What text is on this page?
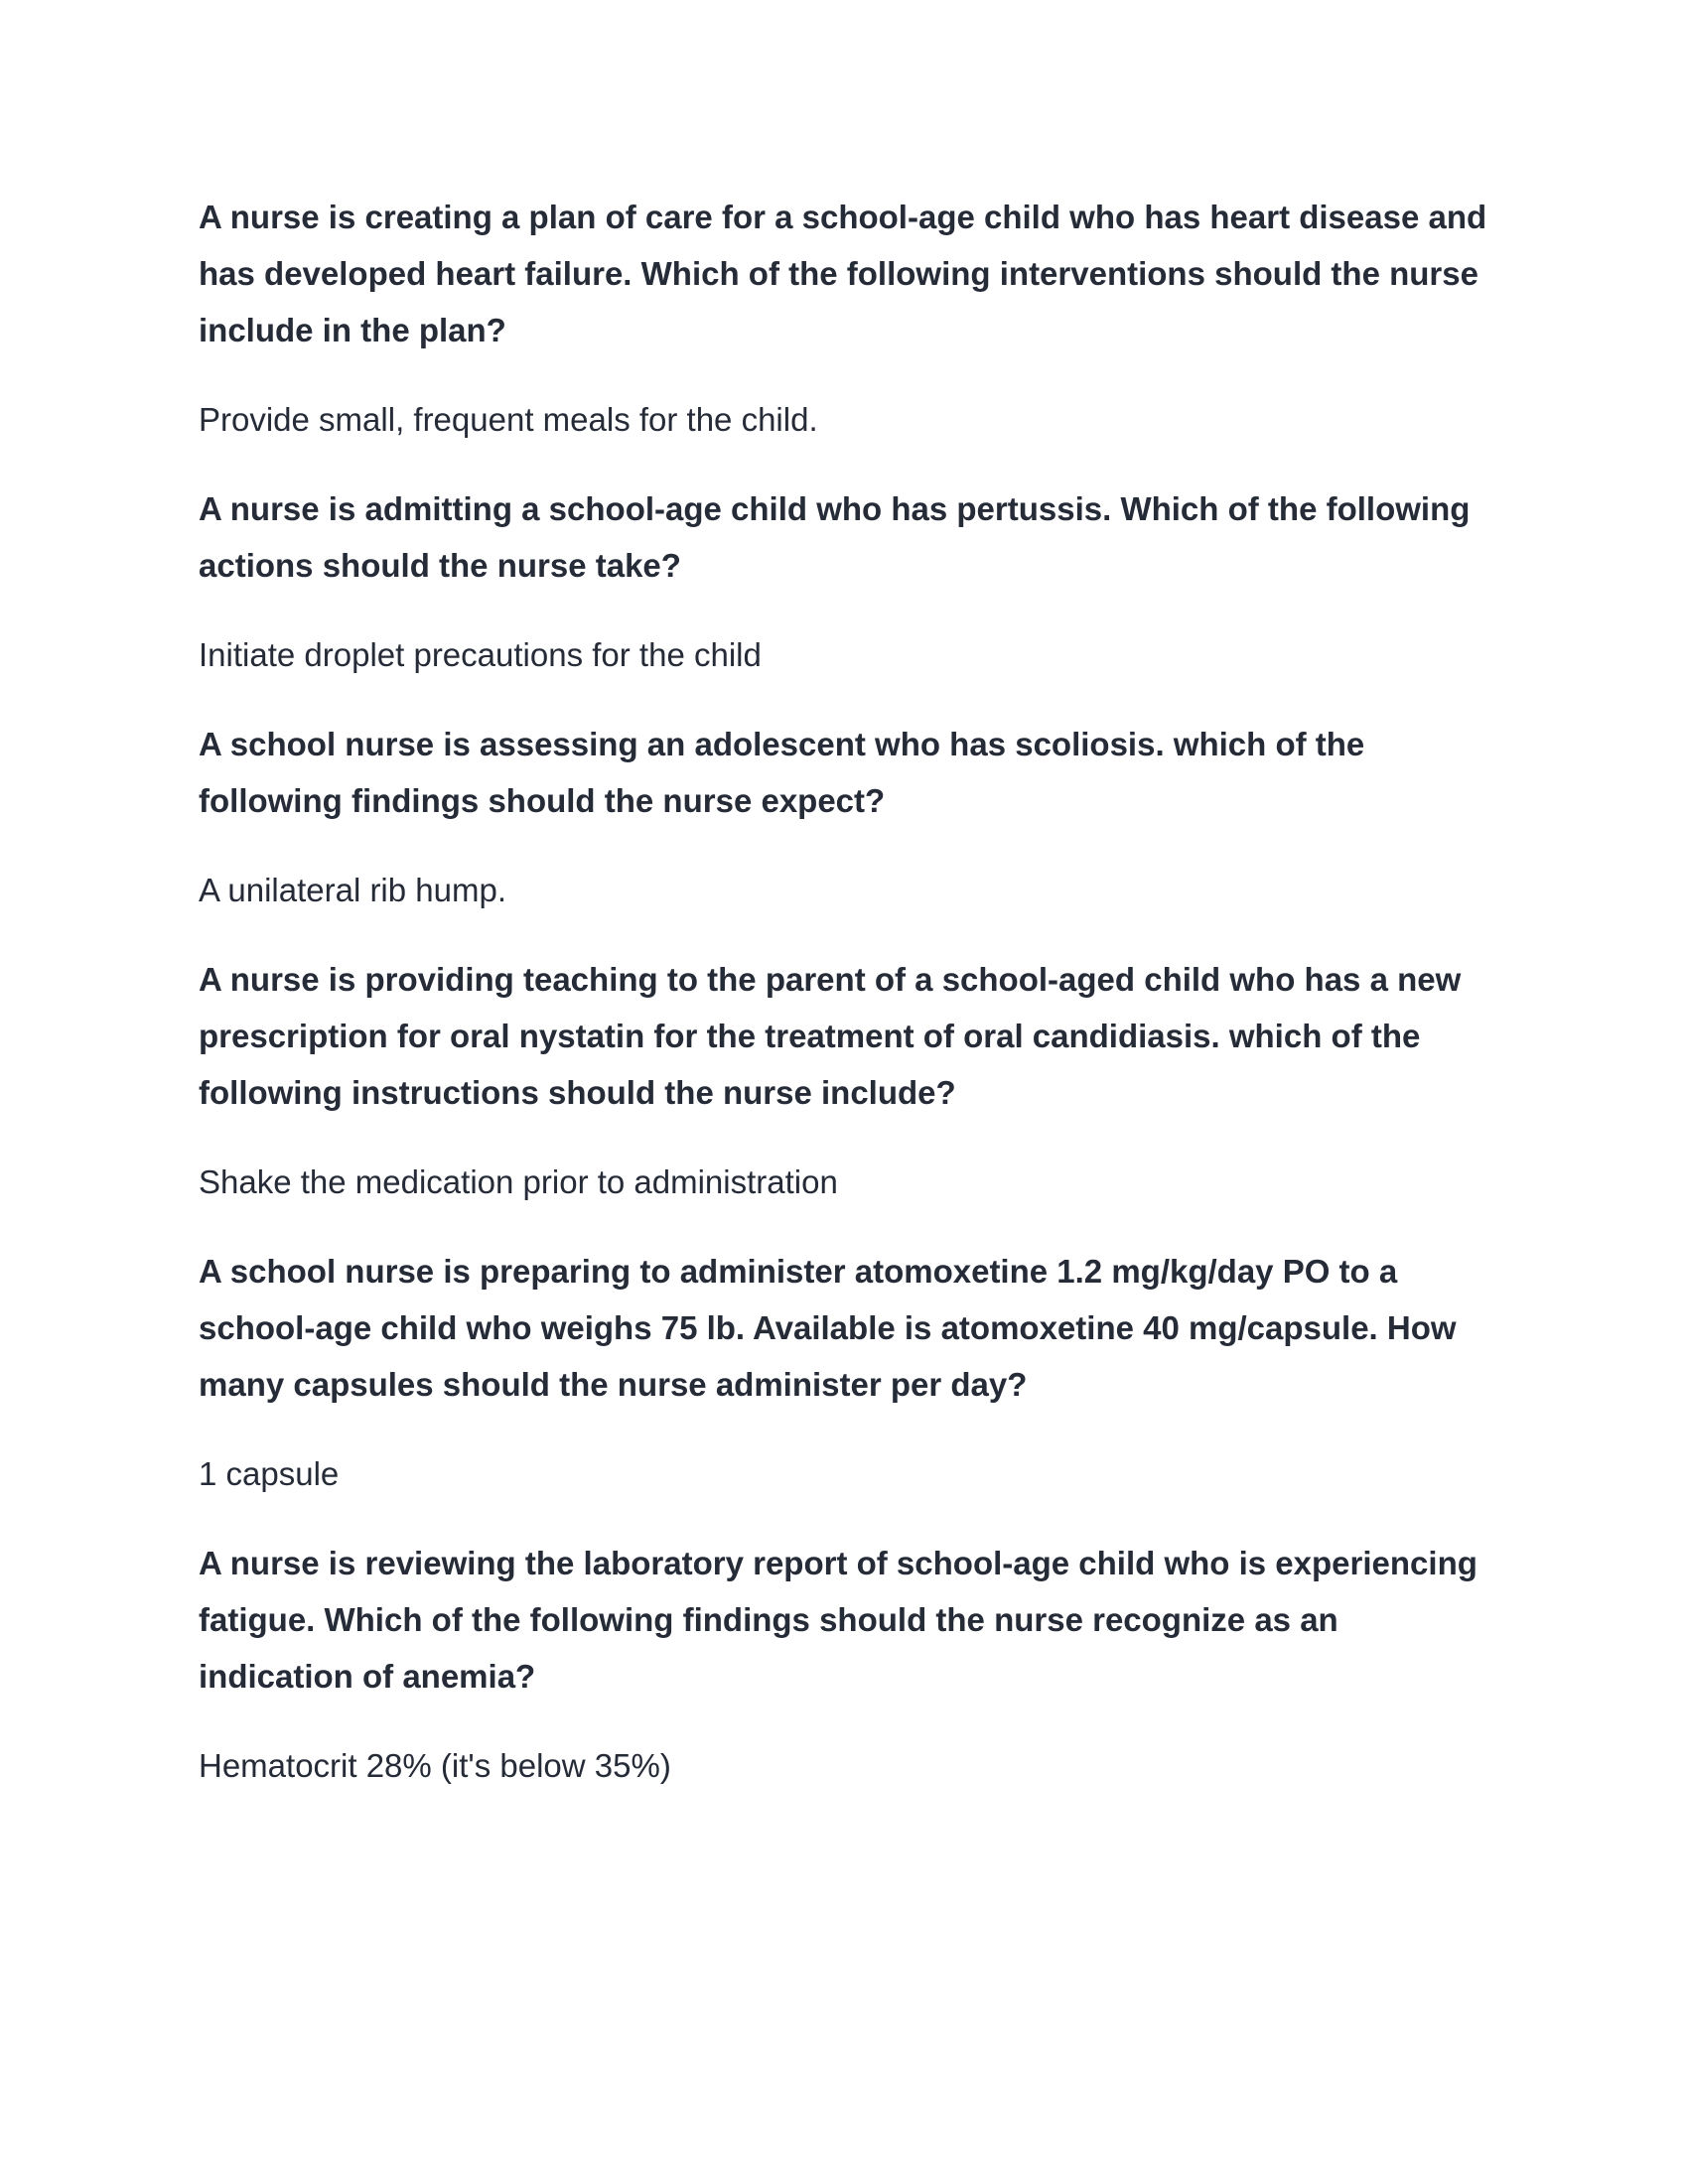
A nurse is creating a plan of care for a school-age child who has heart disease and has developed heart failure. Which of the following interventions should the nurse include in the plan?

Provide small, frequent meals for the child.

A nurse is admitting a school-age child who has pertussis. Which of the following actions should the nurse take?

Initiate droplet precautions for the child

A school nurse is assessing an adolescent who has scoliosis. which of the following findings should the nurse expect?

A unilateral rib hump.

A nurse is providing teaching to the parent of a school-aged child who has a new prescription for oral nystatin for the treatment of oral candidiasis. which of the following instructions should the nurse include?

Shake the medication prior to administration

A school nurse is preparing to administer atomoxetine 1.2 mg/kg/day PO to a school-age child who weighs 75 lb. Available is atomoxetine 40 mg/capsule. How many capsules should the nurse administer per day?

1 capsule

A nurse is reviewing the laboratory report of school-age child who is experiencing fatigue. Which of the following findings should the nurse recognize as an indication of anemia?

Hematocrit 28% (it's below 35%)
